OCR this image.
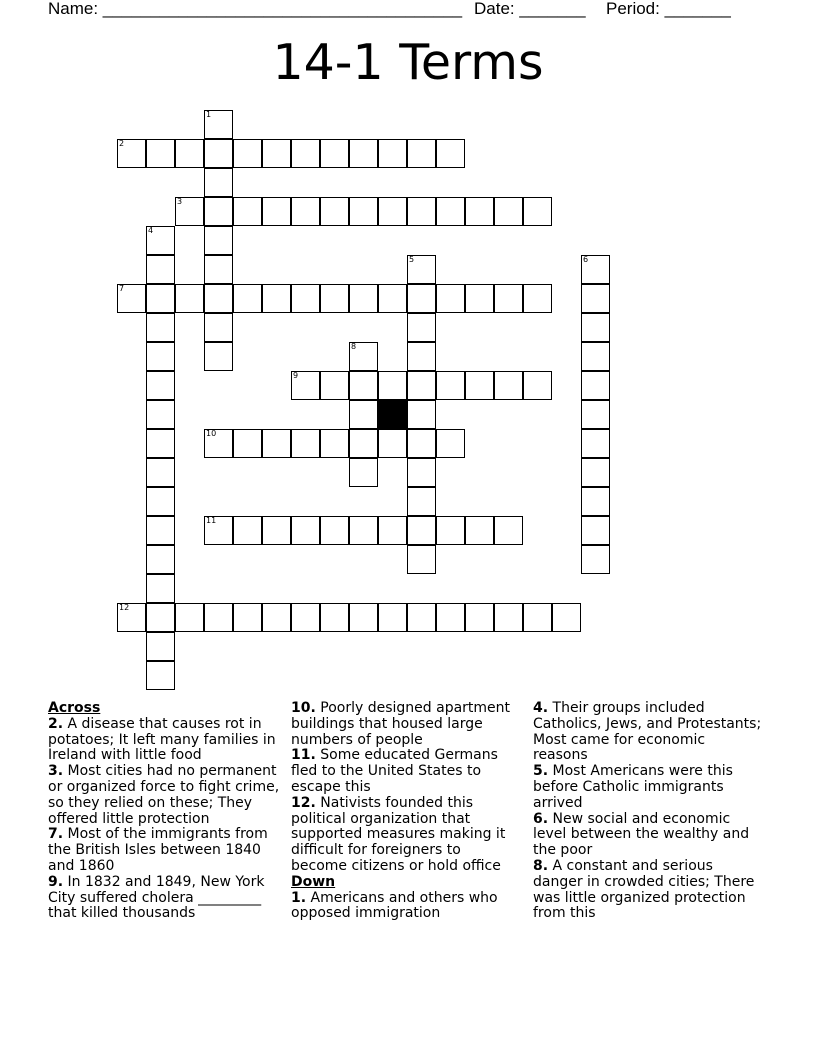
Name: ______________________________________ Date: _______ Period: _______
14-1 Terms
1
2
3
4
5	6
7
8
9
10
11
12
Across
2. A disease that causes rot in potatoes; It left many families in Ireland with little food
3. Most cities had no permanent or organized force to fight crime, so they relied on these; They offered little protection
7. Most of the immigrants from the British Isles between 1840 and 1860
9. In 1832 and 1849, New York City suffered cholera _________ that killed thousands
10. Poorly designed apartment buildings that housed large numbers of people
11. Some educated Germans fled to the United States to escape this
12. Nativists founded this political organization that supported measures making it difficult for foreigners to become citizens or hold office
Down
1. Americans and others who opposed immigration
4. Their groups included Catholics, Jews, and Protestants; Most came for economic reasons
5. Most Americans were this before Catholic immigrants arrived
6. New social and economic level between the wealthy and the poor
8. A constant and serious danger in crowded cities; There was little organized protection from this
